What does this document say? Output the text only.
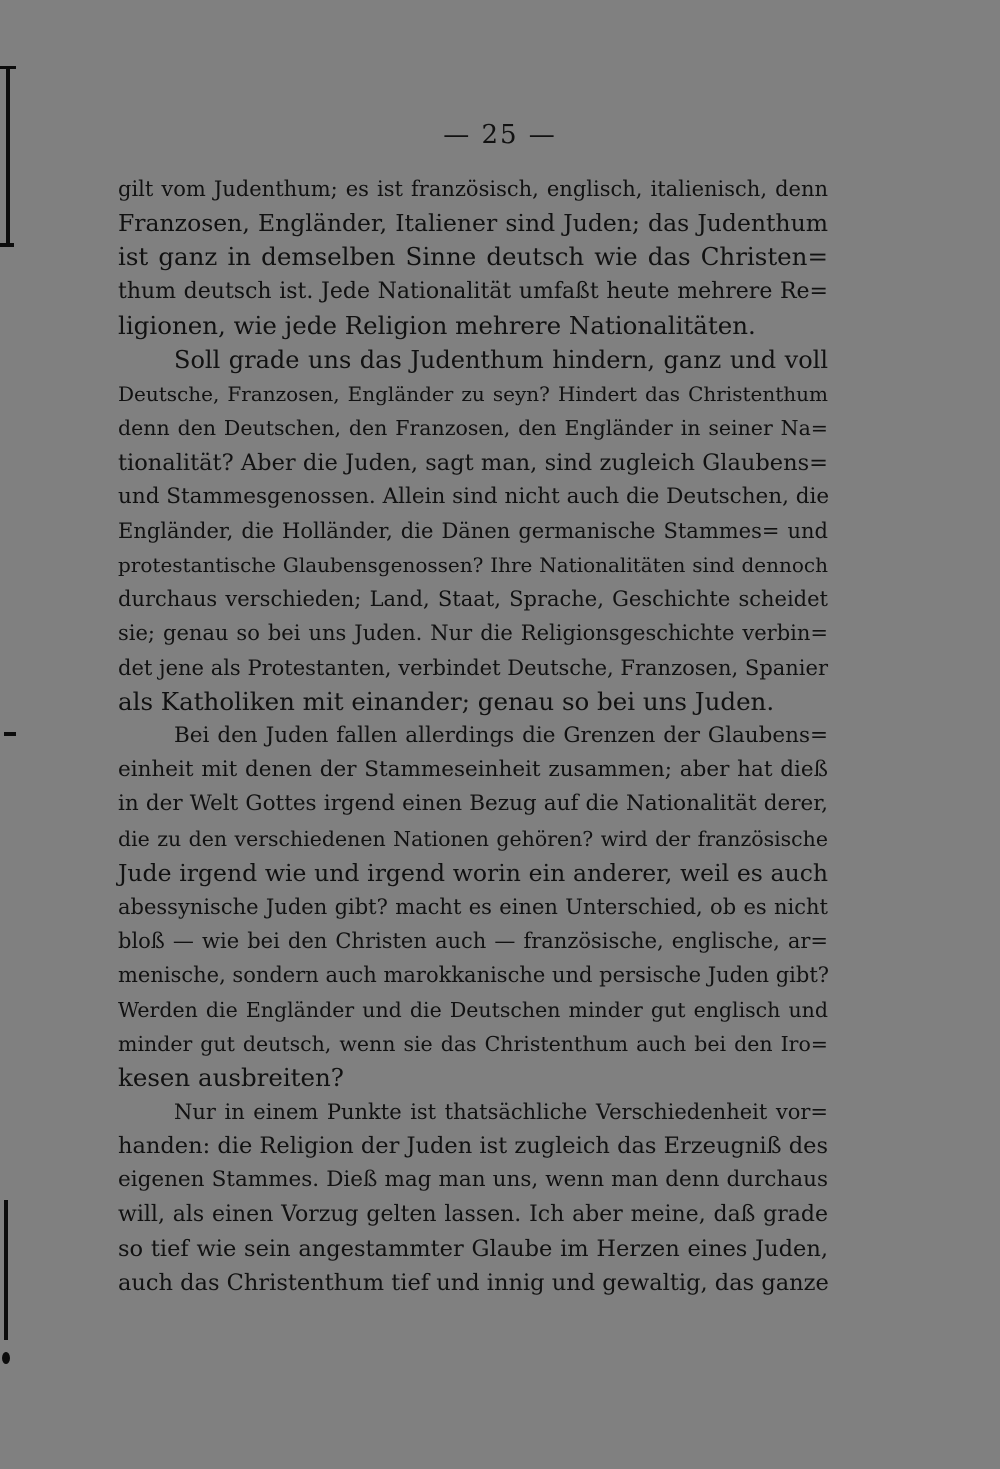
— 25 —
gilt vom Judenthum; es ist französisch, englisch, italienisch, denn
Franzosen, Engländer, Italiener sind Juden; das Judenthum
ist ganz in demselben Sinne deutsch wie das Christen=
thum deutsch ist. Jede Nationalität umfaßt heute mehrere Re=
ligionen, wie jede Religion mehrere Nationalitäten.
Soll grade uns das Judenthum hindern, ganz und voll
Deutsche, Franzosen, Engländer zu seyn? Hindert das Christenthum
denn den Deutschen, den Franzosen, den Engländer in seiner Na=
tionalität? Aber die Juden, sagt man, sind zugleich Glaubens=
und Stammesgenossen. Allein sind nicht auch die Deutschen, die
Engländer, die Holländer, die Dänen germanische Stammes= und
protestantische Glaubensgenossen? Ihre Nationalitäten sind dennoch
durchaus verschieden; Land, Staat, Sprache, Geschichte scheidet
sie; genau so bei uns Juden. Nur die Religionsgeschichte verbin=
det jene als Protestanten, verbindet Deutsche, Franzosen, Spanier
als Katholiken mit einander; genau so bei uns Juden.
Bei den Juden fallen allerdings die Grenzen der Glaubens=
einheit mit denen der Stammeseinheit zusammen; aber hat dieß
in der Welt Gottes irgend einen Bezug auf die Nationalität derer,
die zu den verschiedenen Nationen gehören? wird der französische
Jude irgend wie und irgend worin ein anderer, weil es auch
abessynische Juden gibt? macht es einen Unterschied, ob es nicht
bloß — wie bei den Christen auch — französische, englische, ar=
menische, sondern auch marokkanische und persische Juden gibt?
Werden die Engländer und die Deutschen minder gut englisch und
minder gut deutsch, wenn sie das Christenthum auch bei den Iro=
kesen ausbreiten?
Nur in einem Punkte ist thatsächliche Verschiedenheit vor=
handen: die Religion der Juden ist zugleich das Erzeugniß des
eigenen Stammes. Dieß mag man uns, wenn man denn durchaus
will, als einen Vorzug gelten lassen. Ich aber meine, daß grade
so tief wie sein angestammter Glaube im Herzen eines Juden,
auch das Christenthum tief und innig und gewaltig, das ganze
